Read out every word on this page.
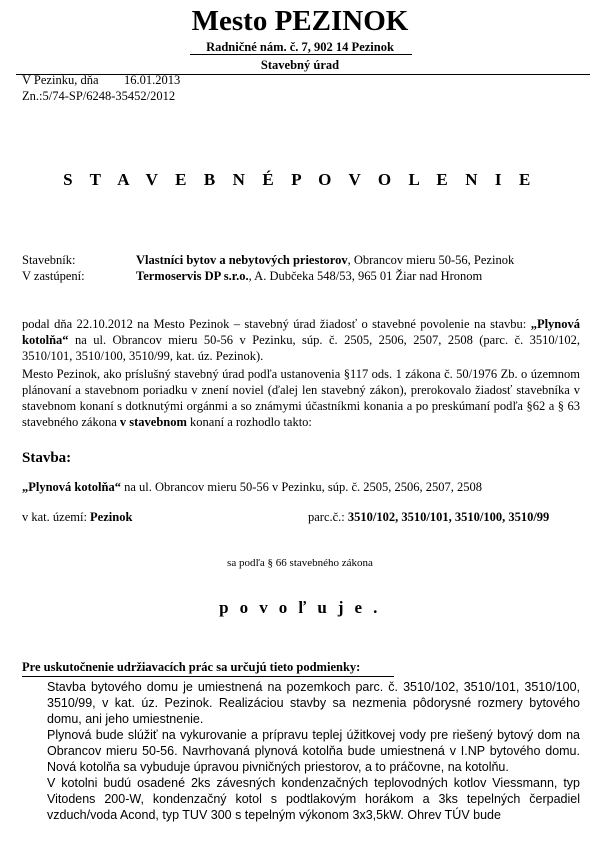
Mesto PEZINOK
Radničné nám. č. 7, 902 14 Pezinok
Stavebný úrad
V Pezinku, dňa 16.01.2013
Zn.:5/74-SP/6248-35452/2012
S T A V E B N É P O V O L E N I E
Stavebník:	Vlastníci bytov a nebytových priestorov, Obrancov mieru 50-56, Pezinok
V zastúpení:	Termoservis DP s.r.o., A. Dubčeka 548/53, 965 01 Žiar nad Hronom
podal dňa 22.10.2012 na Mesto Pezinok – stavebný úrad žiadosť o stavebné povolenie na stavbu: „Plynová kotolňa“ na ul. Obrancov mieru 50-56 v Pezinku, súp. č. 2505, 2506, 2507, 2508 (parc. č. 3510/102, 3510/101, 3510/100, 3510/99, kat. úz. Pezinok).
Mesto Pezinok, ako príslušný stavebný úrad podľa ustanovenia §117 ods. 1 zákona č. 50/1976 Zb. o územnom plánovaní a stavebnom poriadku v znení noviel (ďalej len stavebný zákon), prerokovalo žiadosť stavebníka v stavebnom konaní s dotknutými orgánmi a so známymi účastníkmi konania a po preskúmaní podľa §62 a § 63 stavebného zákona v stavebnom konaní a rozhodlo takto:
Stavba:
„Plynová kotolňa“ na ul. Obrancov mieru 50-56 v Pezinku, súp. č. 2505, 2506, 2507, 2508
v kat. území: Pezinok	parc.č.: 3510/102, 3510/101, 3510/100, 3510/99
sa podľa § 66 stavebného zákona
p o v o ľ u j e .
Pre uskutočnenie udržiavacích prác sa určujú tieto podmienky:
Stavba bytového domu je umiestnená na pozemkoch parc. č. 3510/102, 3510/101, 3510/100, 3510/99, v kat. úz. Pezinok. Realizáciou stavby sa nezmenia pôdorysné rozmery bytového domu, ani jeho umiestnenie.
Plynová bude slúžiť na vykurovanie a prípravu teplej úžitkovej vody pre riešený bytový dom na Obrancov mieru 50-56. Navrhovaná plynová kotolňa bude umiestnená v I.NP bytového domu. Nová kotolňa sa vybuduje úpravou pivničných priestorov, a to práčovne, na kotolňu.
V kotolni budú osadené 2ks závesných kondenzačných teplovodných kotlov Viessmann, typ Vitodens 200-W, kondenzačný kotol s podtlakovým horákom a 3ks tepelných čerpadiel vzduch/voda Acond, typ TUV 300 s tepelným výkonom 3x3,5kW. Ohrev TÚV bude
